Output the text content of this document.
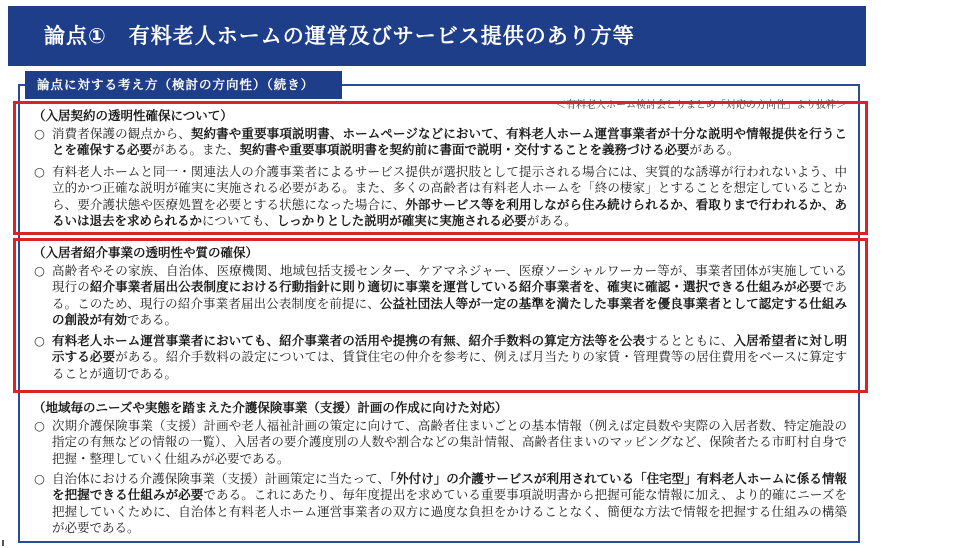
論点①　有料老人ホームの運営及びサービス提供のあり方等
論点に対する考え方（検討の方向性）（続き）
＜有料老人ホーム検討会とりまとめ「対応の方向性」より抜粋＞
（入居契約の透明性確保について）
○ 消費者保護の観点から、契約書や重要事項説明書、ホームページなどにおいて、有料老人ホーム運営事業者が十分な説明や情報提供を行うことを確保する必要がある。また、契約書や重要事項説明書を契約前に書面で説明・交付することを義務づける必要がある。
○ 有料老人ホームと同一・関連法人の介護事業者によるサービス提供が選択肢として提示される場合には、実質的な誘導が行われないよう、中立的かつ正確な説明が確実に実施される必要がある。また、多くの高齢者は有料老人ホームを「終の棲家」とすることを想定していることから、要介護状態や医療処置を必要とする状態になった場合に、外部サービス等を利用しながら住み続けられるか、看取りまで行われるか、あるいは退去を求められるかについても、しっかりとした説明が確実に実施される必要がある。
（入居者紹介事業の透明性や質の確保）
○ 高齢者やその家族、自治体、医療機関、地域包括支援センター、ケアマネジャー、医療ソーシャルワーカー等が、事業者団体が実施している現行の紹介事業者届出公表制度における行動指針に則り適切に事業を運営している紹介事業者を、確実に確認・選択できる仕組みが必要である。このため、現行の紹介事業者届出公表制度を前提に、公益社団法人等が一定の基準を満たした事業者を優良事業者として認定する仕組みの創設が有効である。
○ 有料老人ホーム運営事業者においても、紹介事業者の活用や提携の有無、紹介手数料の算定方法等を公表するとともに、入居希望者に対し明示する必要がある。紹介手数料の設定については、賃貸住宅の仲介を参考に、例えば月当たりの家賃・管理費等の居住費用をベースに算定することが適切である。
（地域毎のニーズや実態を踏まえた介護保険事業（支援）計画の作成に向けた対応）
○ 次期介護保険事業（支援）計画や老人福祉計画の策定に向けて、高齢者住まいごとの基本情報（例えば定員数や実際の入居者数、特定施設の指定の有無などの情報の一覧）、入居者の要介護度別の人数や割合などの集計情報、高齢者住まいのマッピングなど、保険者たる市町村自身で把握・整理していく仕組みが必要である。
○ 自治体における介護保険事業（支援）計画策定に当たって、「外付け」の介護サービスが利用されている「住宅型」有料老人ホームに係る情報を把握できる仕組みが必要である。これにあたり、毎年度提出を求めている重要事項説明書から把握可能な情報に加え、より的確にニーズを把握していくために、自治体と有料老人ホーム運営事業者の双方に過度な負担をかけることなく、簡便な方法で情報を把握する仕組みの構築が必要である。
